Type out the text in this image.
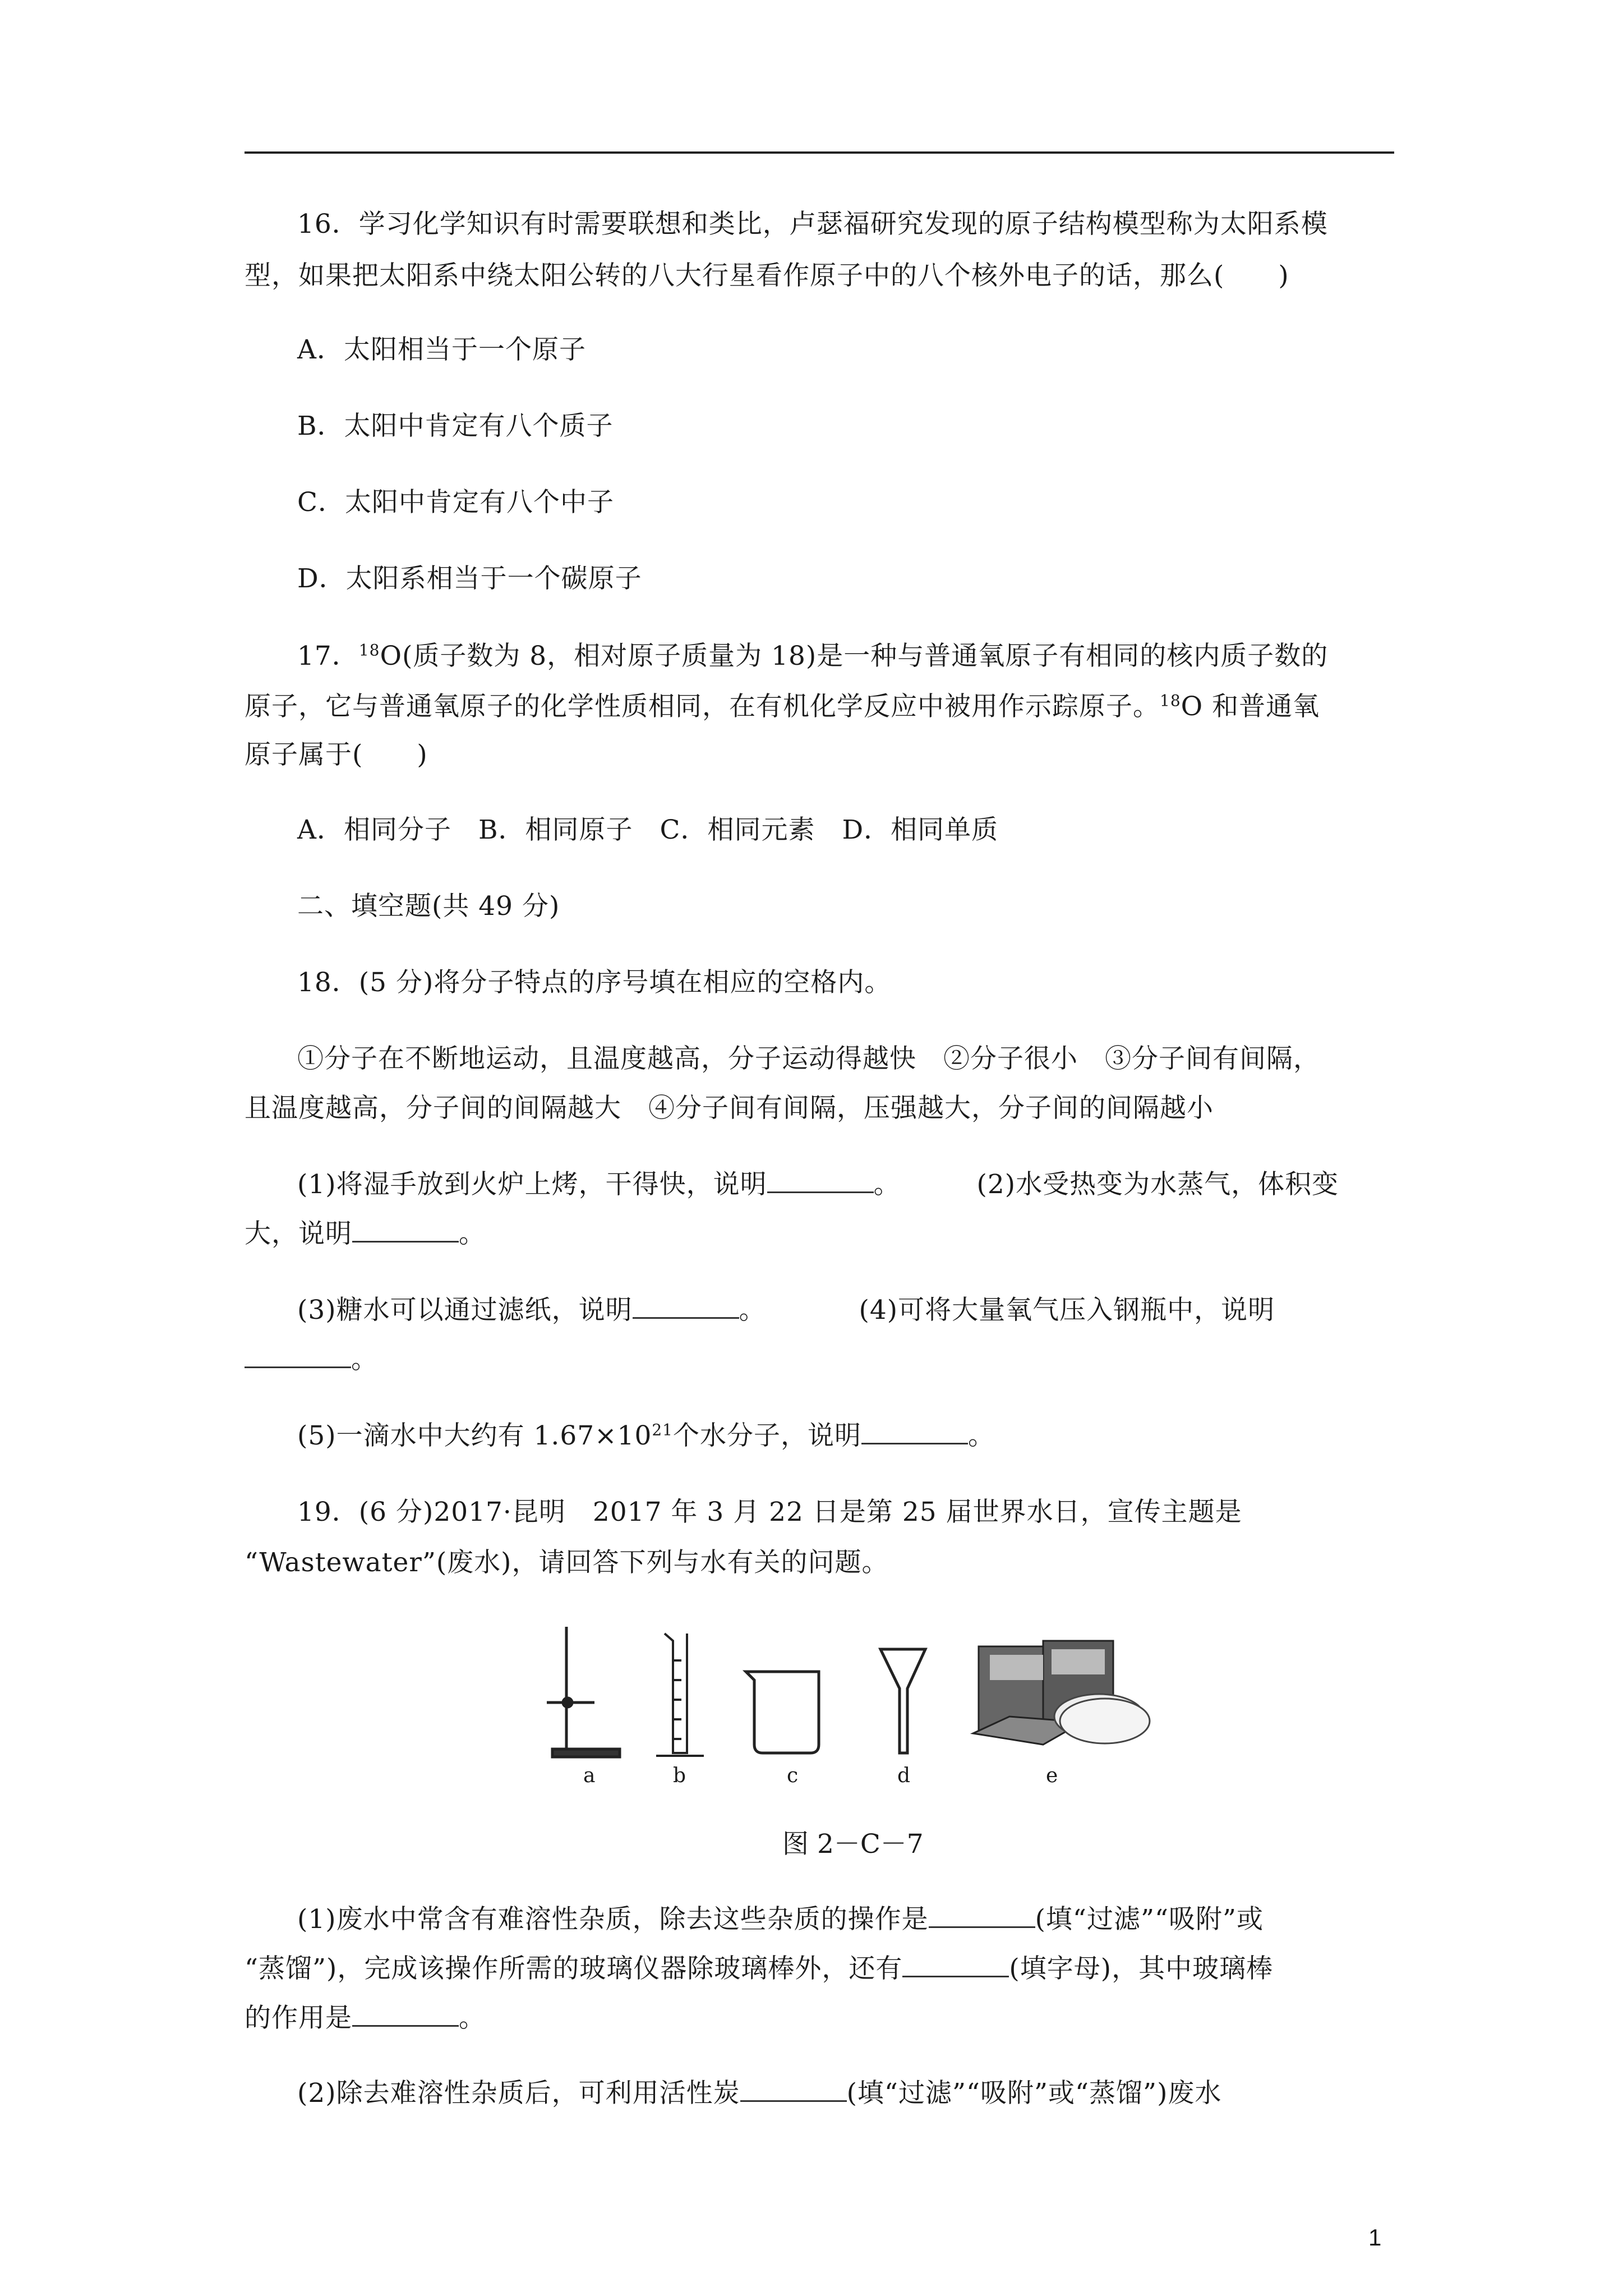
16．学习化学知识有时需要联想和类比，卢瑟福研究发现的原子结构模型称为太阳系模
型，如果把太阳系中绕太阳公转的八大行星看作原子中的八个核外电子的话，那么(　　)
A．太阳相当于一个原子
B．太阳中肯定有八个质子
C．太阳中肯定有八个中子
D．太阳系相当于一个碳原子
17．$^{18}$O(质子数为 8，相对原子质量为 18)是一种与普通氧原子有相同的核内质子数的
原子，它与普通氧原子的化学性质相同，在有机化学反应中被用作示踪原子。$^{18}$O 和普通氧
原子属于(　　)
A．相同分子　B．相同原子　C．相同元素　D．相同单质
二、填空题(共 49 分)
18．(5 分)将分子特点的序号填在相应的空格内。
①分子在不断地运动，且温度越高，分子运动得越快　②分子很小　③分子间有间隔，
且温度越高，分子间的间隔越大　④分子间有间隔，压强越大，分子间的间隔越小
(1)将湿手放到火炉上烤，干得快，说明	。	(2)水受热变为水蒸气，体积变
大，说明	。
(3)糖水可以通过滤纸，说明	。	(4)可将大量氧气压入钢瓶中，说明
。
(5)一滴水中大约有 $1.67\times 10^{21}$个水分子，说明	。
19．(6 分)2017·昆明　2017 年 3 月 22 日是第 25 届世界水日，宣传主题是
“Wastewater”(废水)，请回答下列与水有关的问题。
a	b	c	d	e
图 2－C－7
(1)废水中常含有难溶性杂质，除去这些杂质的操作是	(填“过滤”“吸附”或
“蒸馏”)，完成该操作所需的玻璃仪器除玻璃棒外，还有	(填字母)，其中玻璃棒
的作用是	。
(2)除去难溶性杂质后，可利用活性炭	(填“过滤”“吸附”或“蒸馏”)废水
1
